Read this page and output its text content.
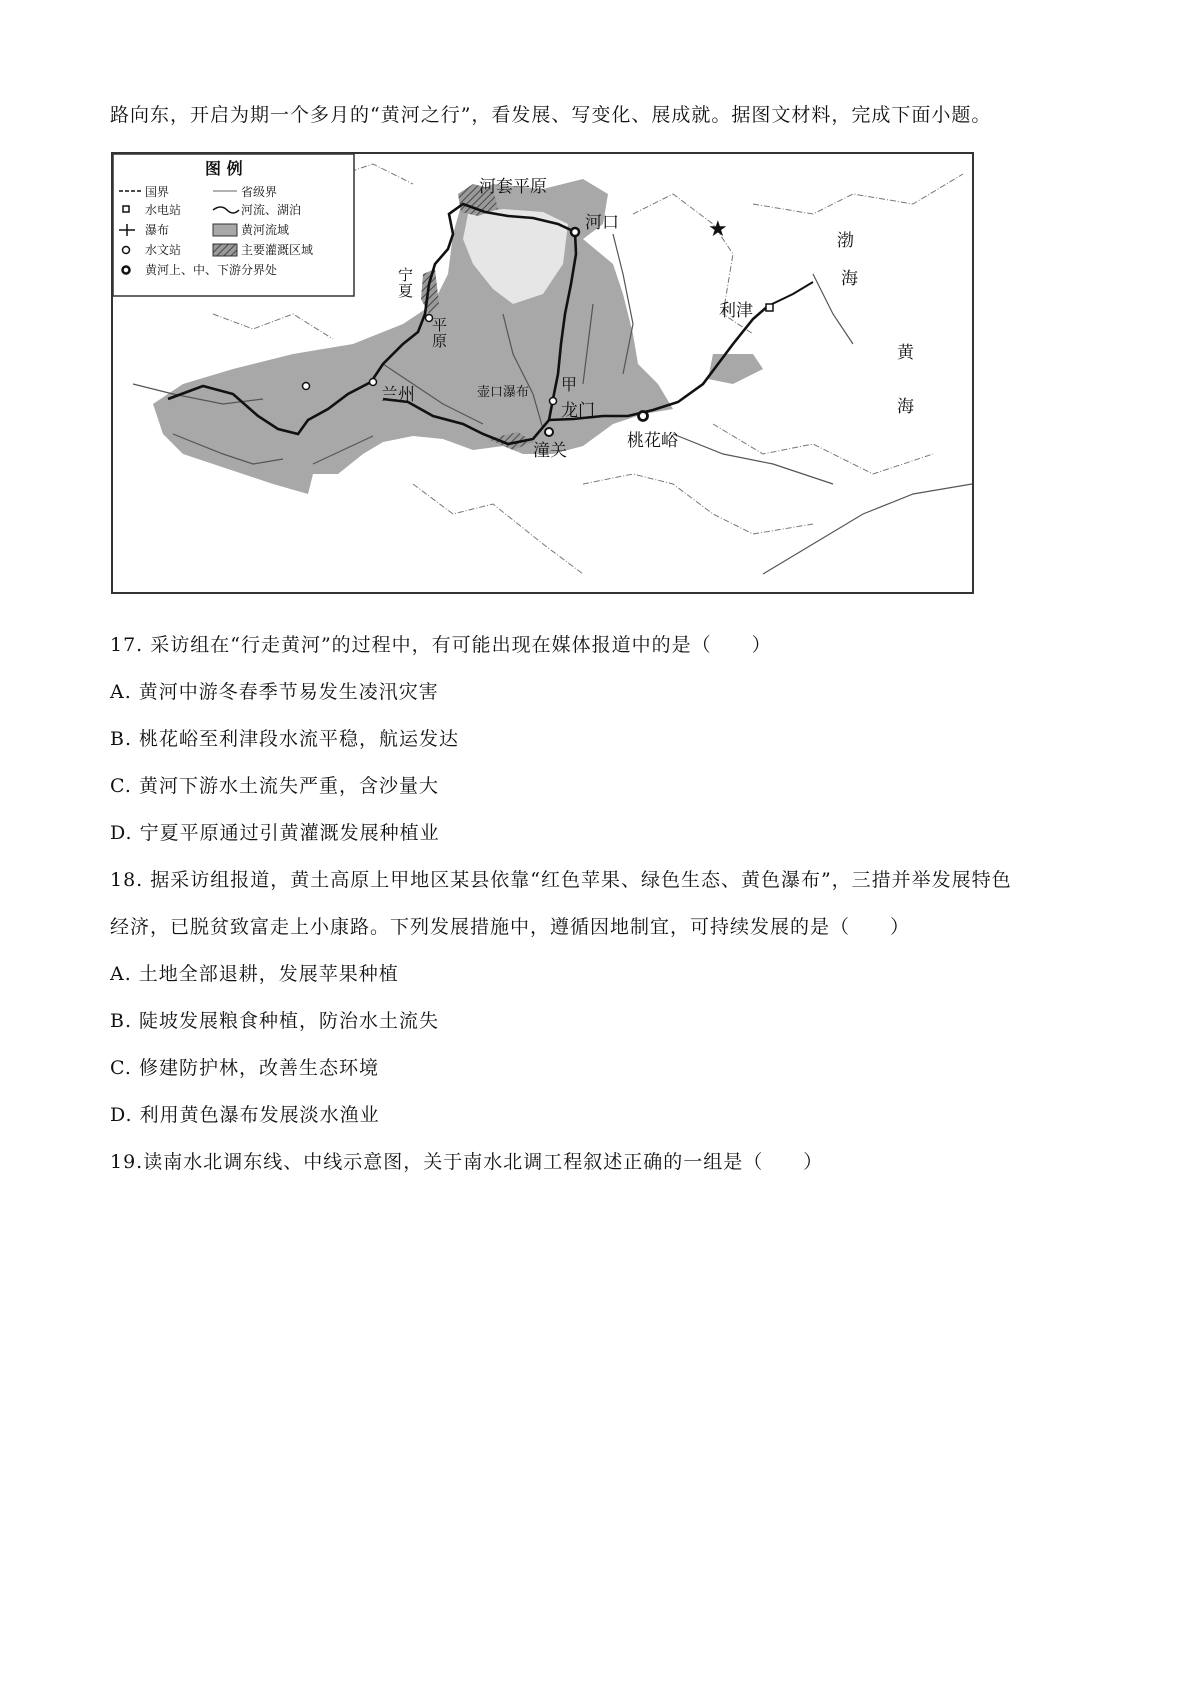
路向东，开启为期一个多月的“黄河之行”，看发展、写变化、展成就。据图文材料，完成下面小题。
图 例
国界	省级界
水电站	河流、湖泊
瀑布	黄河流域
水文站	主要灌溉区域
黄河上、中、下游分界处
★
河套平原
河口
渤
海
黄
海
利津
宁
夏
平
原
兰州	壶口瀑布 甲
龙门
潼关	桃花峪
17. 采访组在“行走黄河”的过程中，有可能出现在媒体报道中的是（　　）
A. 黄河中游冬春季节易发生凌汛灾害
B. 桃花峪至利津段水流平稳，航运发达
C. 黄河下游水土流失严重，含沙量大
D. 宁夏平原通过引黄灌溉发展种植业
18. 据采访组报道，黄土高原上甲地区某县依靠“红色苹果、绿色生态、黄色瀑布”，三措并举发展特色
经济，已脱贫致富走上小康路。下列发展措施中，遵循因地制宜，可持续发展的是（　　）
A. 土地全部退耕，发展苹果种植
B. 陡坡发展粮食种植，防治水土流失
C. 修建防护林，改善生态环境
D. 利用黄色瀑布发展淡水渔业
19.读南水北调东线、中线示意图，关于南水北调工程叙述正确的一组是（　　）
